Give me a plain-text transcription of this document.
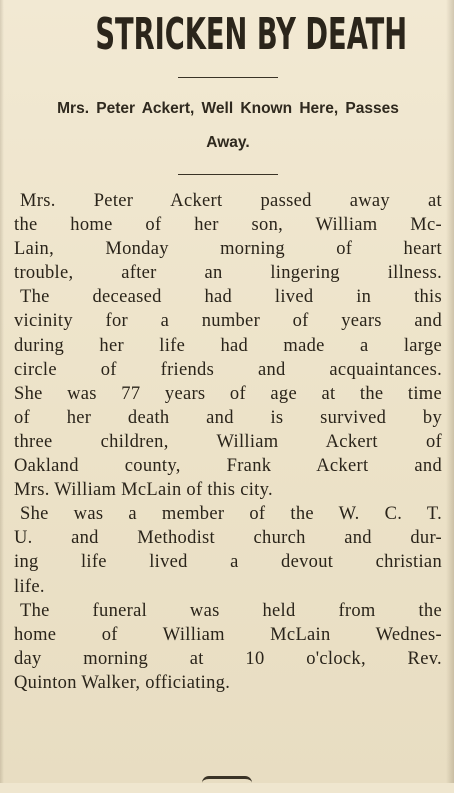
STRICKEN BY DEATH
Mrs. Peter Ackert, Well Known Here, Passes
Away.

Mrs. Peter Ackert passed away at

the home of her son, William Mc-

Lain, Monday morning of heart

trouble, after an lingering illness.

The deceased had lived in this

vicinity for a number of years and

during her life had made a large

circle of friends and acquaintances.

She was 77 years of age at the time

of her death and is survived by

three children, William Ackert of

Oakland county, Frank Ackert and

Mrs. William McLain of this city.

She was a member of the W. C. T.

U. and Methodist church and dur-

ing life lived a devout christian

life.

The funeral was held from the

home of William McLain Wednes-

day morning at 10 o'clock, Rev.

Quinton Walker, officiating.
